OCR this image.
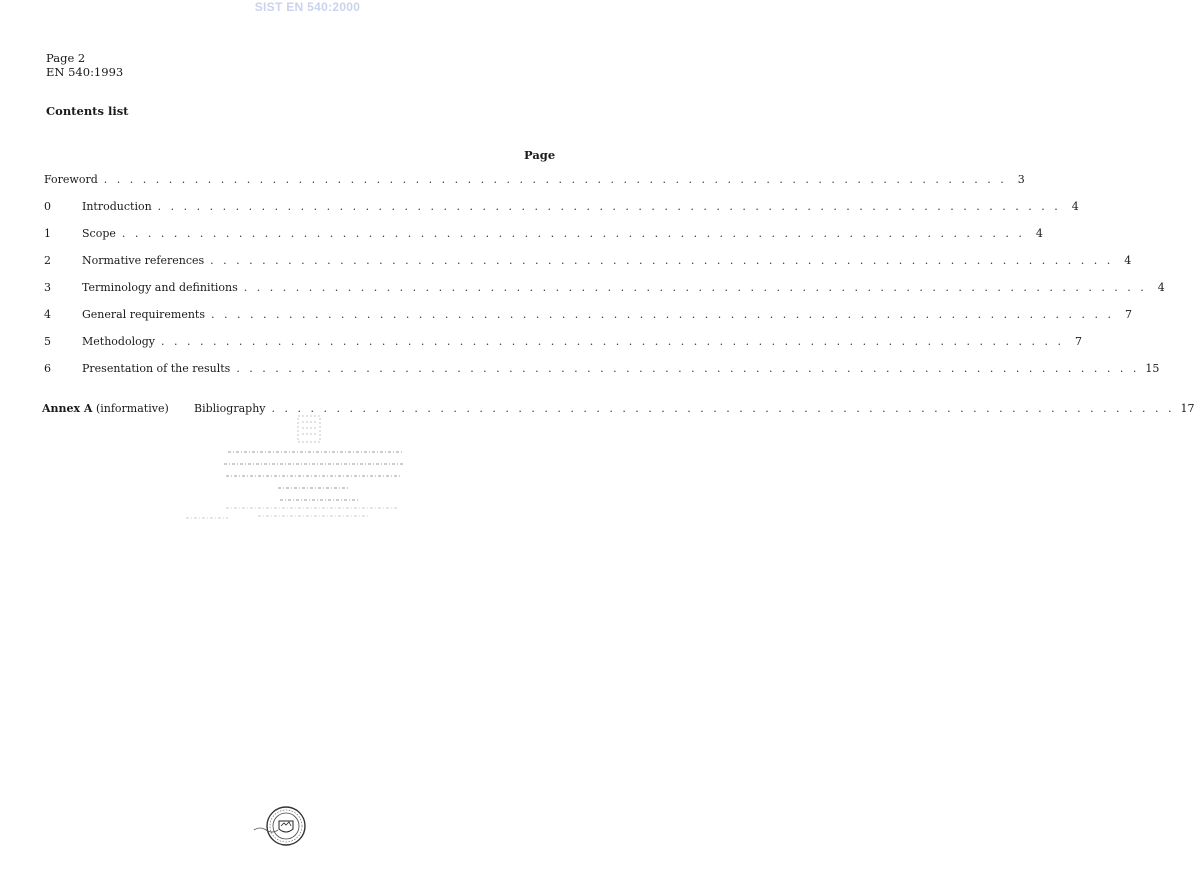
SIST EN 540:2000
Page 2
EN 540:1993
Contents list
Page
Foreword . . . . . . . . . . . . . . . . . . . . . . . . . . . . . . . . . . . . . . . . . . . . . . . . . . . . . . . . . . . . . . . . . . . . . .	3
0	Introduction . . . . . . . . . . . . . . . . . . . . . . . . . . . . . . . . . . . . . . . . . . . . . . . . . . . . . . . . . . . . . . . . . . . . . .	4
1	Scope . . . . . . . . . . . . . . . . . . . . . . . . . . . . . . . . . . . . . . . . . . . . . . . . . . . . . . . . . . . . . . . . . . . . . .	4
2	Normative references . . . . . . . . . . . . . . . . . . . . . . . . . . . . . . . . . . . . . . . . . . . . . . . . . . . . . . . . . . . . . . . . . . . . . .	4
3	Terminology and definitions . . . . . . . . . . . . . . . . . . . . . . . . . . . . . . . . . . . . . . . . . . . . . . . . . . . . . . . . . . . . . . . . . . . . . .	4
4	General requirements . . . . . . . . . . . . . . . . . . . . . . . . . . . . . . . . . . . . . . . . . . . . . . . . . . . . . . . . . . . . . . . . . . . . . .	7
5	Methodology . . . . . . . . . . . . . . . . . . . . . . . . . . . . . . . . . . . . . . . . . . . . . . . . . . . . . . . . . . . . . . . . . . . . . .	7
6	Presentation of the results . . . . . . . . . . . . . . . . . . . . . . . . . . . . . . . . . . . . . . . . . . . . . . . . . . . . . . . . . . . . . . . . . . . . . . 15
Annex A (informative)	Bibliography . . . . . . . . . . . . . . . . . . . . . . . . . . . . . . . . . . . . . . . . . . . . . . . . . . . . . . . . . . . . . . . . . . . . . . 17
